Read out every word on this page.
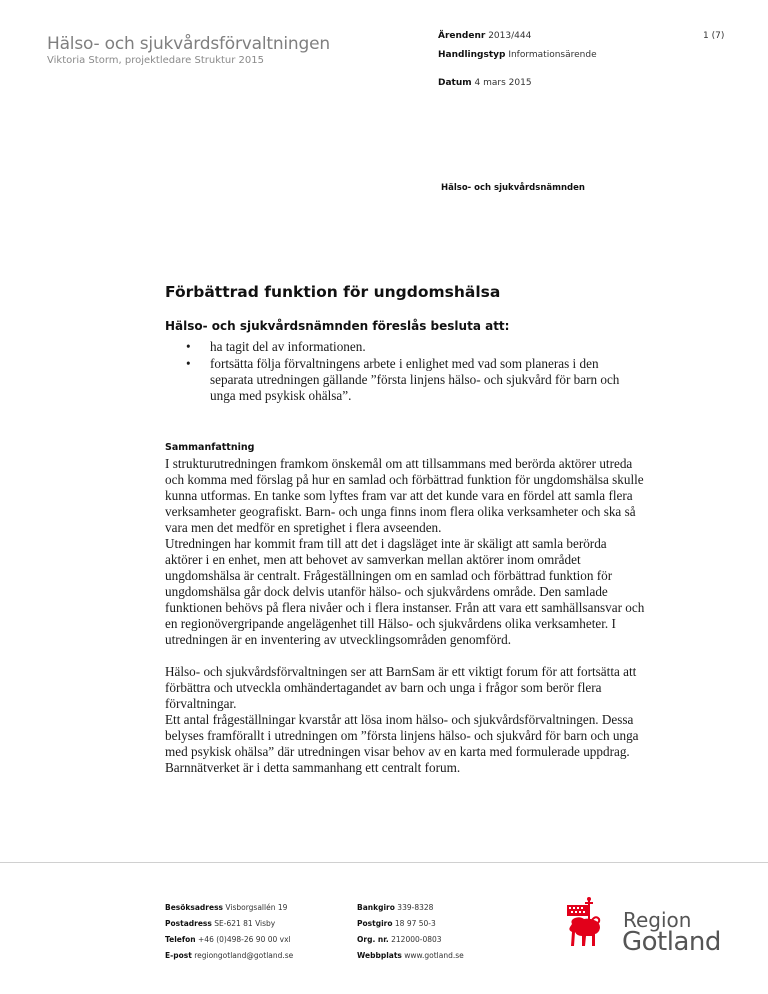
Hälso- och sjukvårdsförvaltningen
Viktoria Storm, projektledare Struktur 2015
Ärendenr 2013/444
Handlingstyp Informationsärende
Datum 4 mars 2015
1 (7)
Hälso- och sjukvårdsnämnden
Förbättrad funktion för ungdomshälsa
Hälso- och sjukvårdsnämnden föreslås besluta att:
• ha tagit del av informationen.
• fortsätta följa förvaltningens arbete i enlighet med vad som planeras i den separata utredningen gällande ”första linjens hälso- och sjukvård för barn och unga med psykisk ohälsa”.
Sammanfattning

I strukturutredningen framkom önskemål om att tillsammans med berörda aktörer utreda och komma med förslag på hur en samlad och förbättrad funktion för ungdomshälsa skulle kunna utformas. En tanke som lyftes fram var att det kunde vara en fördel att samla flera verksamheter geografiskt. Barn- och unga finns inom flera olika verksamheter och ska så vara men det medför en spretighet i flera avseenden.

Utredningen har kommit fram till att det i dagsläget inte är skäligt att samla berörda aktörer i en enhet, men att behovet av samverkan mellan aktörer inom området ungdomshälsa är centralt. Frågeställningen om en samlad och förbättrad funktion för ungdomshälsa går dock delvis utanför hälso- och sjukvårdens område. Den samlade funktionen behövs på flera nivåer och i flera instanser. Från att vara ett samhällsansvar och en regionövergripande angelägenhet till Hälso- och sjukvårdens olika verksamheter. I utredningen är en inventering av utvecklingsområden genomförd.

Hälso- och sjukvårdsförvaltningen ser att BarnSam är ett viktigt forum för att fortsätta att förbättra och utveckla omhändertagandet av barn och unga i frågor som berör flera förvaltningar.

Ett antal frågeställningar kvarstår att lösa inom hälso- och sjukvårdsförvaltningen. Dessa belyses framförallt i utredningen om ”första linjens hälso- och sjukvård för barn och unga med psykisk ohälsa” där utredningen visar behov av en karta med formulerade uppdrag. Barnnätverket är i detta sammanhang ett centralt forum.

Besöksadress Visborgsallén 19
Postadress SE-621 81 Visby
Telefon +46 (0)498-26 90 00 vxl
E-post regiongotland@gotland.se
Bankgiro 339-8328
Postgiro 18 97 50-3
Org. nr. 212000-0803
Webbplats www.gotland.se
Region
Gotland
